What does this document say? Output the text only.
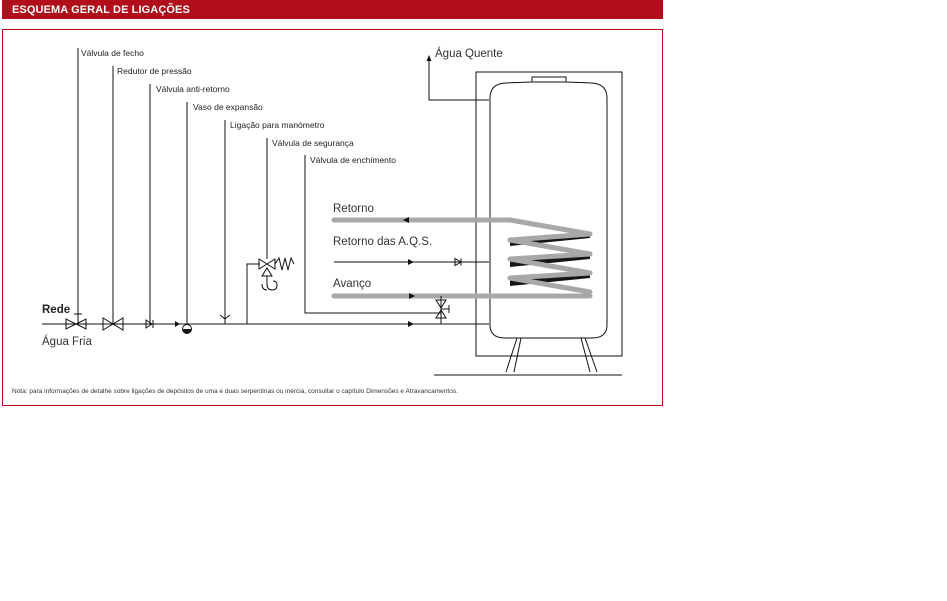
ESQUEMA GERAL DE LIGAÇÕES
Água Quente
Retorno
Retorno das A.Q.S.
Avanço
Rede
Água Fria
Válvula de fecho
Redutor de pressão
Válvula anti-retorno
Vaso de expansão
Ligação para manómetro
Válvula de segurança
Válvula de enchimento
Nota: para informações de detalhe sobre ligações de depósitos de uma e duas serpentinas ou inércia, consultar o capítulo Dimensões e Atravancamentos.
